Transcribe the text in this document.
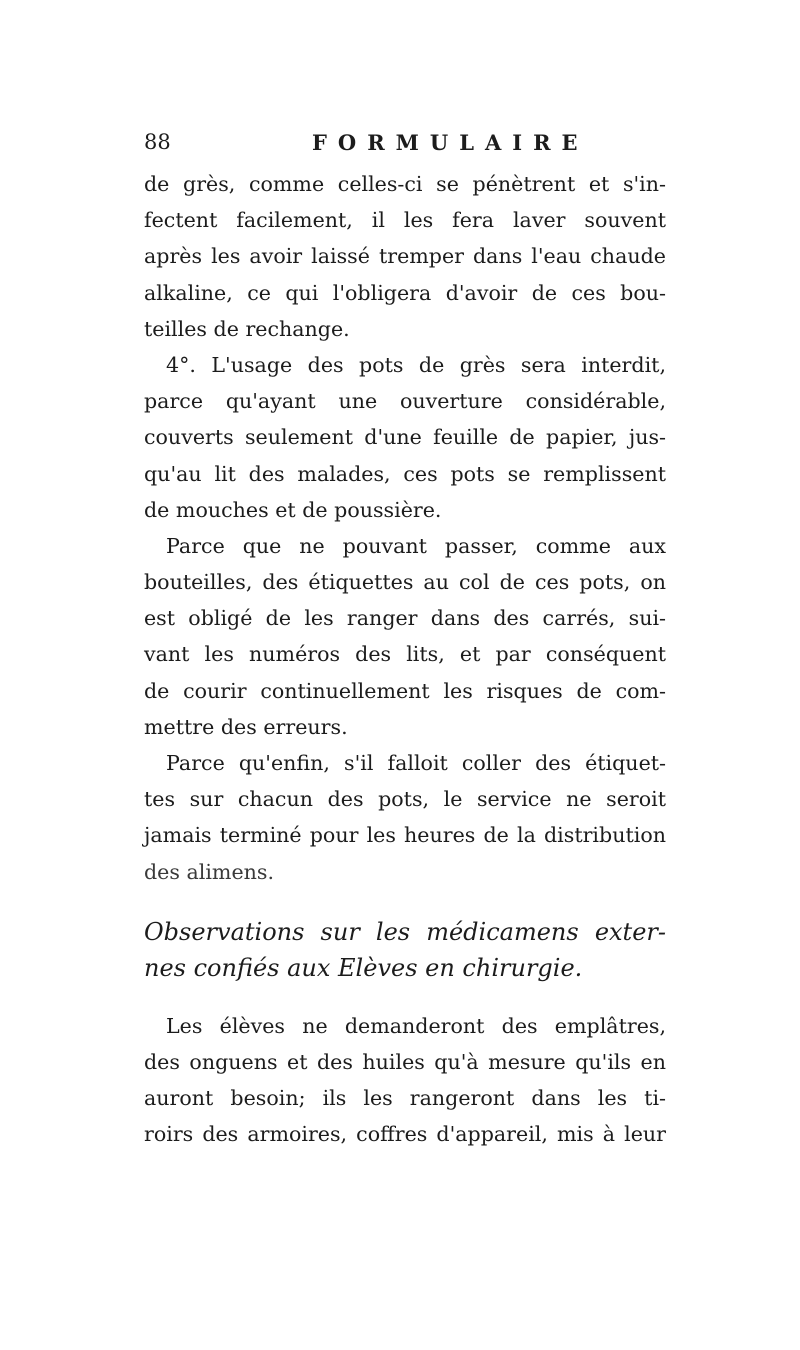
88	FORMULAIRE
de grès, comme celles-ci se pénètrent et s'in-
fectent facilement, il les fera laver souvent
après les avoir laissé tremper dans l'eau chaude
alkaline, ce qui l'obligera d'avoir de ces bou-
teilles de rechange.
4°. L'usage des pots de grès sera interdit,
parce qu'ayant une ouverture considérable,
couverts seulement d'une feuille de papier, jus-
qu'au lit des malades, ces pots se remplissent
de mouches et de poussière.
Parce que ne pouvant passer, comme aux
bouteilles, des étiquettes au col de ces pots, on
est obligé de les ranger dans des carrés, sui-
vant les numéros des lits, et par conséquent
de courir continuellement les risques de com-
mettre des erreurs.
Parce qu'enfin, s'il falloit coller des étiquet-
tes sur chacun des pots, le service ne seroit
jamais terminé pour les heures de la distribution
des alimens.
Observations sur les médicamens exter-
nes confiés aux Elèves en chirurgie.
Les élèves ne demanderont des emplâtres,
des onguens et des huiles qu'à mesure qu'ils en
auront besoin; ils les rangeront dans les ti-
roirs des armoires, coffres d'appareil, mis à leur
